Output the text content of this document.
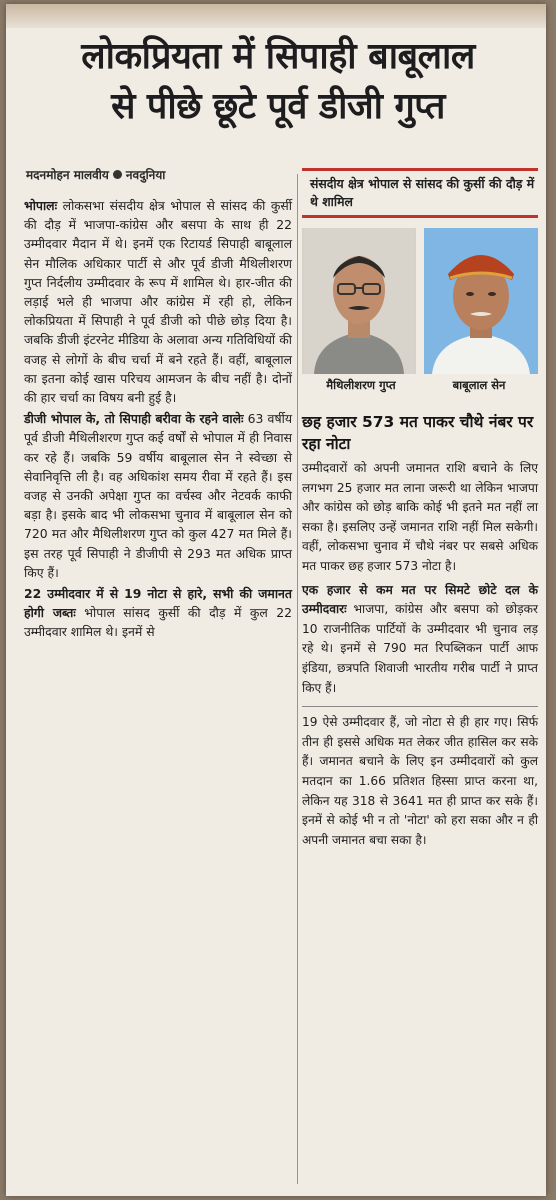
लोकप्रियता में सिपाही बाबूलाल
से पीछे छूटे पूर्व डीजी गुप्त
मदनमोहन मालवीय नवदुनिया

भोपालः लोकसभा संसदीय क्षेत्र भोपाल से सांसद की कुर्सी की दौड़ में भाजपा-कांग्रेस और बसपा के साथ ही 22 उम्मीदवार मैदान में थे। इनमें एक रिटायर्ड सिपाही बाबूलाल सेन मौलिक अधिकार पार्टी से और पूर्व डीजी मैथिलीशरण गुप्त निर्दलीय उम्मीदवार के रूप में शामिल थे। हार-जीत की लड़ाई भले ही भाजपा और कांग्रेस में रही हो, लेकिन लोकप्रियता में सिपाही ने पूर्व डीजी को पीछे छोड़ दिया है। जबकि डीजी इंटरनेट मीडिया के अलावा अन्य गतिविधियों की वजह से लोगों के बीच चर्चा में बने रहते हैं। वहीं, बाबूलाल का इतना कोई खास परिचय आमजन के बीच नहीं है। दोनों की हार चर्चा का विषय बनी हुई है।

डीजी भोपाल के, तो सिपाही बरीवा के रहने वालेः 63 वर्षीय पूर्व डीजी मैथिलीशरण गुप्त कई वर्षों से भोपाल में ही निवास कर रहे हैं। जबकि 59 वर्षीय बाबूलाल सेन ने स्वेच्छा से सेवानिवृत्ति ली है। वह अधिकांश समय रीवा में रहते हैं। इस वजह से उनकी अपेक्षा गुप्त का वर्चस्व और नेटवर्क काफी बड़ा है। इसके बाद भी लोकसभा चुनाव में बाबूलाल सेन को 720 मत और मैथिलीशरण गुप्त को कुल 427 मत मिले हैं। इस तरह पूर्व सिपाही ने डीजीपी से 293 मत अधिक प्राप्त किए हैं।

22 उम्मीदवार में से 19 नोटा से हारे, सभी की जमानत होगी जब्तः भोपाल सांसद कुर्सी की दौड़ में कुल 22 उम्मीदवार शामिल थे। इनमें से

संसदीय क्षेत्र भोपाल से सांसद की कुर्सी की दौड़ में थे शामिल
मैथिलीशरण गुप्त	बाबूलाल सेन
छह हजार 573 मत पाकर चौथे नंबर पर रहा नोटा

उम्मीदवारों को अपनी जमानत राशि बचाने के लिए लगभग 25 हजार मत लाना जरूरी था लेकिन भाजपा और कांग्रेस को छोड़ बाकि कोई भी इतने मत नहीं ला सका है। इसलिए उन्हें जमानत राशि नहीं मिल सकेगी। वहीं, लोकसभा चुनाव में चौथे नंबर पर सबसे अधिक मत पाकर छह हजार 573 नोटा है।

एक हजार से कम मत पर सिमटे छोटे दल के उम्मीदवारः भाजपा, कांग्रेस और बसपा को छोड़कर 10 राजनीतिक पार्टियों के उम्मीदवार भी चुनाव लड़ रहे थे। इनमें से 790 मत रिपब्लिकन पार्टी आफ इंडिया, छत्रपति शिवाजी भारतीय गरीब पार्टी ने प्राप्त किए हैं।

19 ऐसे उम्मीदवार हैं, जो नोटा से ही हार गए। सिर्फ तीन ही इससे अधिक मत लेकर जीत हासिल कर सके हैं। जमानत बचाने के लिए इन उम्मीदवारों को कुल मतदान का 1.66 प्रतिशत हिस्सा प्राप्त करना था, लेकिन यह 318 से 3641 मत ही प्राप्त कर सके हैं। इनमें से कोई भी न तो 'नोटा' को हरा सका और न ही अपनी जमानत बचा सका है।
